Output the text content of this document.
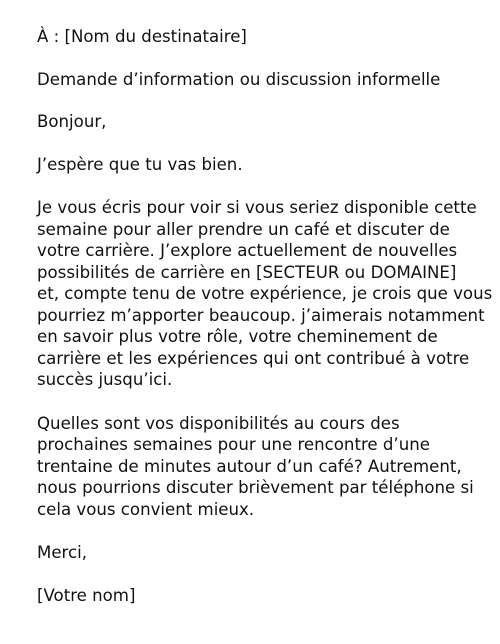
À : [Nom du destinataire]

Demande d’information ou discussion informelle

Bonjour,

J’espère que tu vas bien.

Je vous écris pour voir si vous seriez disponible cette

semaine pour aller prendre un café et discuter de

votre carrière. J’explore actuellement de nouvelles

possibilités de carrière en [SECTEUR ou DOMAINE]

et, compte tenu de votre expérience, je crois que vous

pourriez m’apporter beaucoup. j’aimerais notamment

en savoir plus votre rôle, votre cheminement de

carrière et les expériences qui ont contribué à votre

succès jusqu’ici.

Quelles sont vos disponibilités au cours des

prochaines semaines pour une rencontre d’une

trentaine de minutes autour d’un café? Autrement,

nous pourrions discuter brièvement par téléphone si

cela vous convient mieux.

Merci,

[Votre nom]
